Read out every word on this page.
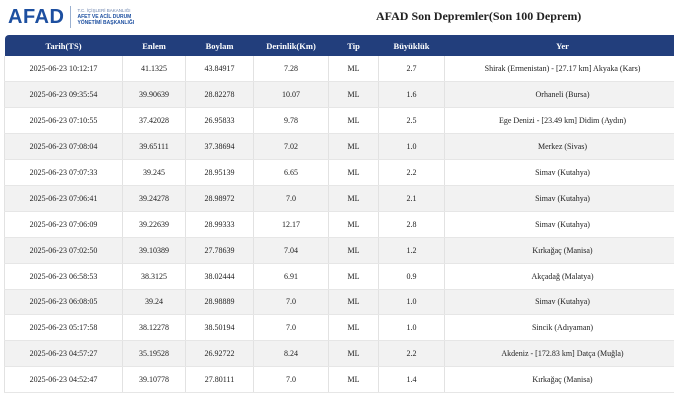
AFAD	T.C. İÇİŞLERİ BAKANLIĞI
AFET VE ACİL DURUM
YÖNETİMİ BAŞKANLIĞI	AFAD Son Depremler(Son 100 Deprem)
Tarih(TS)	Enlem	Boylam	Derinlik(Km)	Tip	Büyüklük	Yer
2025-06-23 10:12:17	41.1325	43.84917	7.28	ML	2.7	Shirak (Ermenistan) - [27.17 km] Akyaka (Kars)
2025-06-23 09:35:54	39.90639	28.82278	10.07	ML	1.6	Orhaneli (Bursa)
2025-06-23 07:10:55	37.42028	26.95833	9.78	ML	2.5	Ege Denizi - [23.49 km] Didim (Aydın)
2025-06-23 07:08:04	39.65111	37.38694	7.02	ML	1.0	Merkez (Sivas)
2025-06-23 07:07:33	39.245	28.95139	6.65	ML	2.2	Simav (Kutahya)
2025-06-23 07:06:41	39.24278	28.98972	7.0	ML	2.1	Simav (Kutahya)
2025-06-23 07:06:09	39.22639	28.99333	12.17	ML	2.8	Simav (Kutahya)
2025-06-23 07:02:50	39.10389	27.78639	7.04	ML	1.2	Kırkağaç (Manisa)
2025-06-23 06:58:53	38.3125	38.02444	6.91	ML	0.9	Akçadağ (Malatya)
2025-06-23 06:08:05	39.24	28.98889	7.0	ML	1.0	Simav (Kutahya)
2025-06-23 05:17:58	38.12278	38.50194	7.0	ML	1.0	Sincik (Adıyaman)
2025-06-23 04:57:27	35.19528	26.92722	8.24	ML	2.2	Akdeniz - [172.83 km] Datça (Muğla)
2025-06-23 04:52:47	39.10778	27.80111	7.0	ML	1.4	Kırkağaç (Manisa)
